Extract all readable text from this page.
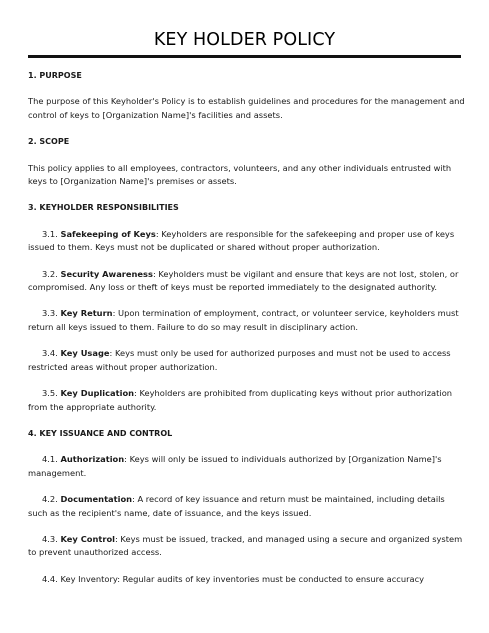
KEY HOLDER POLICY
1. PURPOSE
The purpose of this Keyholder's Policy is to establish guidelines and procedures for the management and control of keys to [Organization Name]'s facilities and assets.
2. SCOPE
This policy applies to all employees, contractors, volunteers, and any other individuals entrusted with keys to [Organization Name]'s premises or assets.
3. KEYHOLDER RESPONSIBILITIES
3.1. Safekeeping of Keys: Keyholders are responsible for the safekeeping and proper use of keys issued to them. Keys must not be duplicated or shared without proper authorization.
3.2. Security Awareness: Keyholders must be vigilant and ensure that keys are not lost, stolen, or compromised. Any loss or theft of keys must be reported immediately to the designated authority.
3.3. Key Return: Upon termination of employment, contract, or volunteer service, keyholders must return all keys issued to them. Failure to do so may result in disciplinary action.
3.4. Key Usage: Keys must only be used for authorized purposes and must not be used to access restricted areas without proper authorization.
3.5. Key Duplication: Keyholders are prohibited from duplicating keys without prior authorization from the appropriate authority.
4. KEY ISSUANCE AND CONTROL
4.1. Authorization: Keys will only be issued to individuals authorized by [Organization Name]'s management.
4.2. Documentation: A record of key issuance and return must be maintained, including details such as the recipient's name, date of issuance, and the keys issued.
4.3. Key Control: Keys must be issued, tracked, and managed using a secure and organized system to prevent unauthorized access.
4.4. Key Inventory: Regular audits of key inventories must be conducted to ensure accuracy
